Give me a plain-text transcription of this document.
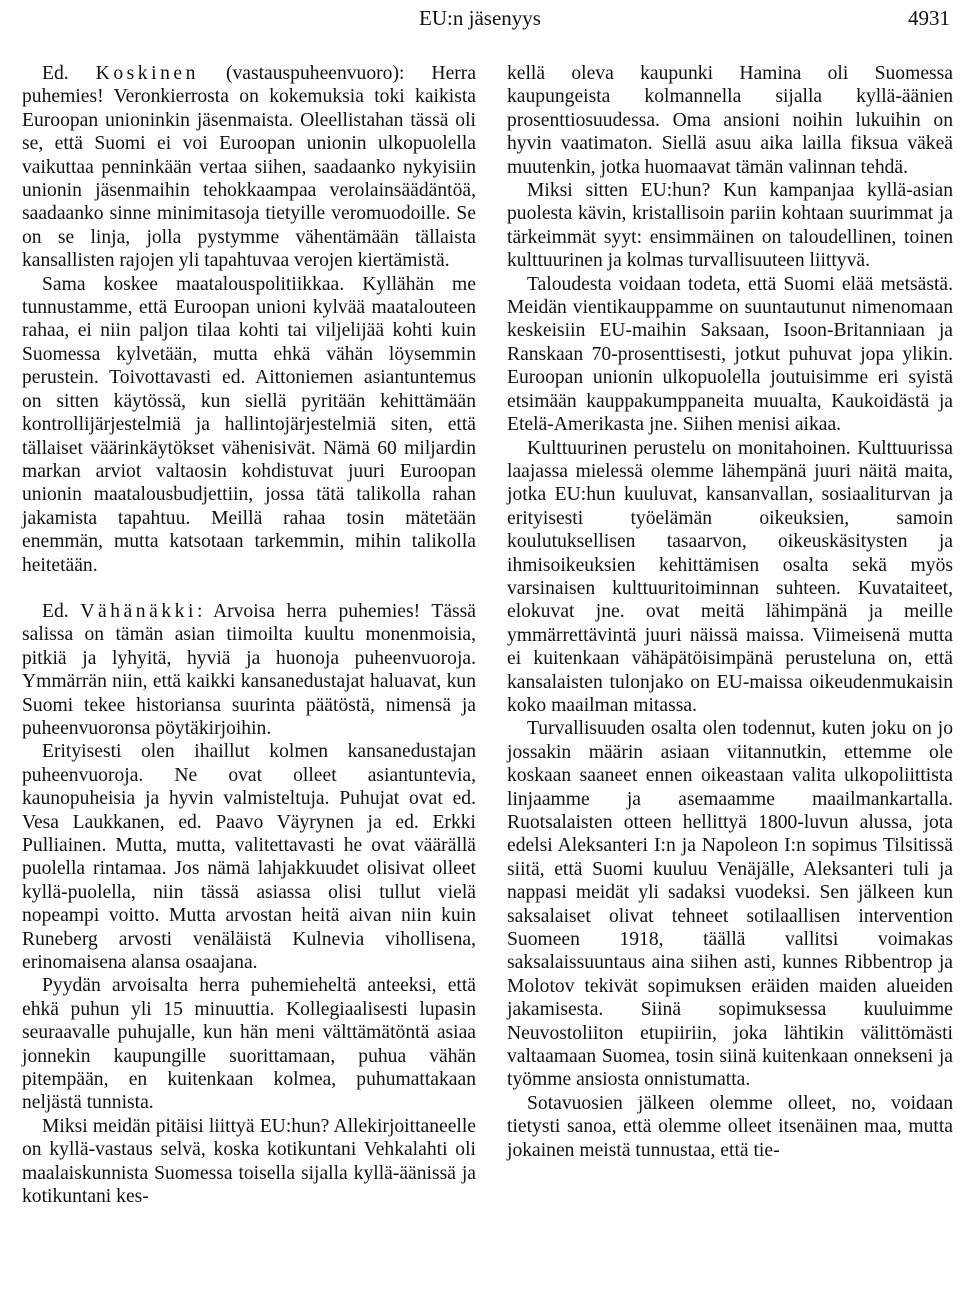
EU:n jäsenyys	4931

Ed. Koskinen (vastauspuheenvuoro): Herra puhemies! Veronkierrosta on kokemuksia toki kaikista Euroopan unioninkin jäsenmaista. Oleellistahan tässä oli se, että Suomi ei voi Euroopan unionin ulkopuolella vaikuttaa penninkään vertaa siihen, saadaanko nykyisiin unionin jäsenmaihin tehokkaampaa verolainsäädäntöä, saadaanko sinne minimitasoja tietyille veromuodoille. Se on se linja, jolla pystymme vähentämään tällaista kansallisten rajojen yli tapahtuvaa verojen kiertämistä.

Sama koskee maatalouspolitiikkaa. Kyllähän me tunnustamme, että Euroopan unioni kylvää maatalouteen rahaa, ei niin paljon tilaa kohti tai viljelijää kohti kuin Suomessa kylvetään, mutta ehkä vähän löysemmin perustein. Toivottavasti ed. Aittoniemen asiantuntemus on sitten käytössä, kun siellä pyritään kehittämään kontrollijärjestelmiä ja hallintojärjestelmiä siten, että tällaiset väärinkäytökset vähenisivät. Nämä 60 miljardin markan arviot valtaosin kohdistuvat juuri Euroopan unionin maatalousbudjettiin, jossa tätä talikolla rahan jakamista tapahtuu. Meillä rahaa tosin mätetään enemmän, mutta katsotaan tarkemmin, mihin talikolla heitetään.

Ed. Vähänäkki: Arvoisa herra puhemies! Tässä salissa on tämän asian tiimoilta kuultu monenmoisia, pitkiä ja lyhyitä, hyviä ja huonoja puheenvuoroja. Ymmärrän niin, että kaikki kansanedustajat haluavat, kun Suomi tekee historiansa suurinta päätöstä, nimensä ja puheenvuoronsa pöytäkirjoihin.

Erityisesti olen ihaillut kolmen kansanedustajan puheenvuoroja. Ne ovat olleet asiantuntevia, kaunopuheisia ja hyvin valmisteltuja. Puhujat ovat ed. Vesa Laukkanen, ed. Paavo Väyrynen ja ed. Erkki Pulliainen. Mutta, mutta, valitettavasti he ovat väärällä puolella rintamaa. Jos nämä lahjakkuudet olisivat olleet kyllä-puolella, niin tässä asiassa olisi tullut vielä nopeampi voitto. Mutta arvostan heitä aivan niin kuin Runeberg arvosti venäläistä Kulnevia vihollisena, erinomaisena alansa osaajana.

Pyydän arvoisalta herra puhemieheltä anteeksi, että ehkä puhun yli 15 minuuttia. Kollegiaalisesti lupasin seuraavalle puhujalle, kun hän meni välttämätöntä asiaa jonnekin kaupungille suorittamaan, puhua vähän pitempään, en kuitenkaan kolmea, puhumattakaan neljästä tunnista.

Miksi meidän pitäisi liittyä EU:hun? Allekirjoittaneelle on kyllä-vastaus selvä, koska kotikuntani Vehkalahti oli maalaiskunnista Suomessa toisella sijalla kyllä-äänissä ja kotikuntani kes-

kellä oleva kaupunki Hamina oli Suomessa kaupungeista kolmannella sijalla kyllä-äänien prosenttiosuudessa. Oma ansioni noihin lukuihin on hyvin vaatimaton. Siellä asuu aika lailla fiksua väkeä muutenkin, jotka huomaavat tämän valinnan tehdä.

Miksi sitten EU:hun? Kun kampanjaa kyllä-asian puolesta kävin, kristallisoin pariin kohtaan suurimmat ja tärkeimmät syyt: ensimmäinen on taloudellinen, toinen kulttuurinen ja kolmas turvallisuuteen liittyvä.

Taloudesta voidaan todeta, että Suomi elää metsästä. Meidän vientikauppamme on suuntautunut nimenomaan keskeisiin EU-maihin Saksaan, Isoon-Britanniaan ja Ranskaan 70-prosenttisesti, jotkut puhuvat jopa ylikin. Euroopan unionin ulkopuolella joutuisimme eri syistä etsimään kauppakumppaneita muualta, Kaukoidästä ja Etelä-Amerikasta jne. Siihen menisi aikaa.

Kulttuurinen perustelu on monitahoinen. Kulttuurissa laajassa mielessä olemme lähempänä juuri näitä maita, jotka EU:hun kuuluvat, kansanvallan, sosiaaliturvan ja erityisesti työelämän oikeuksien, samoin koulutuksellisen tasaarvon, oikeuskäsitysten ja ihmisoikeuksien kehittämisen osalta sekä myös varsinaisen kulttuuritoiminnan suhteen. Kuvataiteet, elokuvat jne. ovat meitä lähimpänä ja meille ymmärrettävintä juuri näissä maissa. Viimeisenä mutta ei kuitenkaan vähäpätöisimpänä perusteluna on, että kansalaisten tulonjako on EU-maissa oikeudenmukaisin koko maailman mitassa.

Turvallisuuden osalta olen todennut, kuten joku on jo jossakin määrin asiaan viitannutkin, ettemme ole koskaan saaneet ennen oikeastaan valita ulkopoliittista linjaamme ja asemaamme maailmankartalla. Ruotsalaisten otteen hellittyä 1800-luvun alussa, jota edelsi Aleksanteri I:n ja Napoleon I:n sopimus Tilsitissä siitä, että Suomi kuuluu Venäjälle, Aleksanteri tuli ja nappasi meidät yli sadaksi vuodeksi. Sen jälkeen kun saksalaiset olivat tehneet sotilaallisen intervention Suomeen 1918, täällä vallitsi voimakas saksalaissuuntaus aina siihen asti, kunnes Ribbentrop ja Molotov tekivät sopimuksen eräiden maiden alueiden jakamisesta. Siinä sopimuksessa kuuluimme Neuvostoliiton etupiiriin, joka lähtikin välittömästi valtaamaan Suomea, tosin siinä kuitenkaan onnekseni ja työmme ansiosta onnistumatta.

Sotavuosien jälkeen olemme olleet, no, voidaan tietysti sanoa, että olemme olleet itsenäinen maa, mutta jokainen meistä tunnustaa, että tie-
